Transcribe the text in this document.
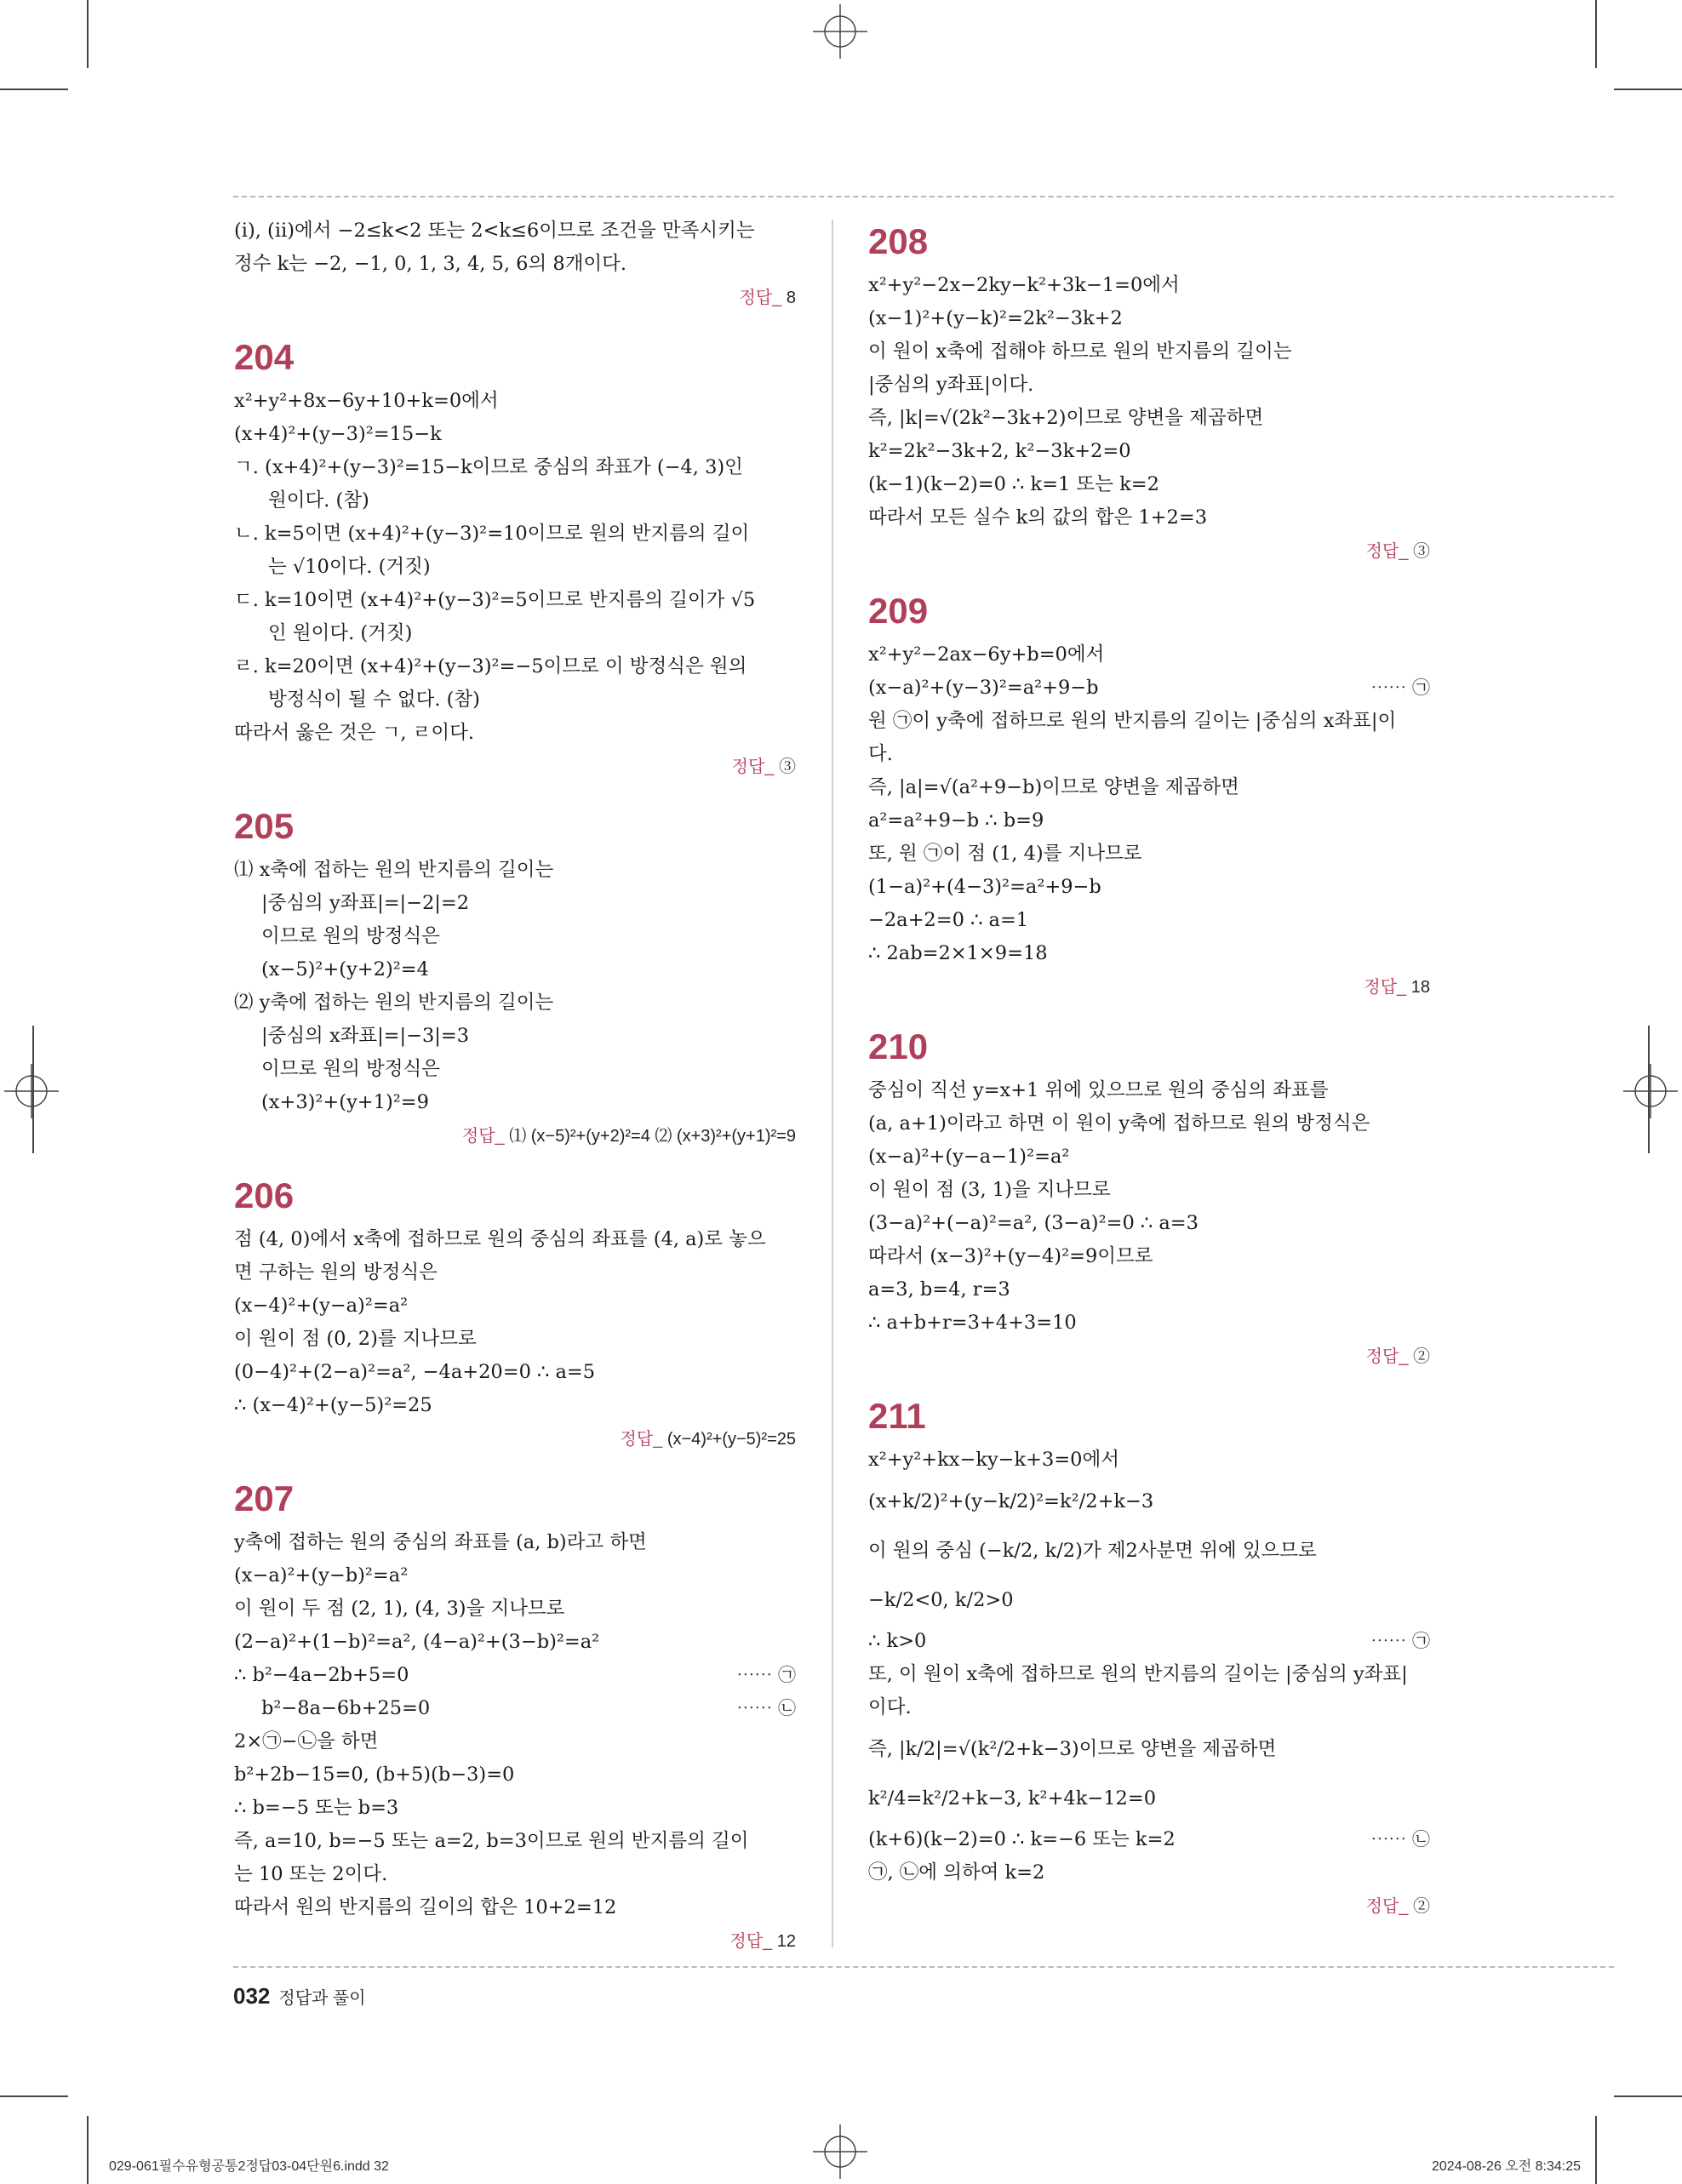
(ⅰ), (ⅱ)에서 −2≤k<2 또는 2<k≤6이므로 조건을 만족시키는
정수 k는 −2, −1, 0, 1, 3, 4, 5, 6의 8개이다.
정답_ 8
204
x²+y²+8x−6y+10+k=0에서
(x+4)²+(y−3)²=15−k
ㄱ. (x+4)²+(y−3)²=15−k이므로 중심의 좌표가 (−4, 3)인
원이다. (참)
ㄴ. k=5이면 (x+4)²+(y−3)²=10이므로 원의 반지름의 길이
는 √10이다. (거짓)
ㄷ. k=10이면 (x+4)²+(y−3)²=5이므로 반지름의 길이가 √5
인 원이다. (거짓)
ㄹ. k=20이면 (x+4)²+(y−3)²=−5이므로 이 방정식은 원의
방정식이 될 수 없다. (참)
따라서 옳은 것은 ㄱ, ㄹ이다.
정답_ ③
205
⑴ x축에 접하는 원의 반지름의 길이는
|중심의 y좌표|=|−2|=2
이므로 원의 방정식은
(x−5)²+(y+2)²=4
⑵ y축에 접하는 원의 반지름의 길이는
|중심의 x좌표|=|−3|=3
이므로 원의 방정식은
(x+3)²+(y+1)²=9
정답_ ⑴ (x−5)²+(y+2)²=4 ⑵ (x+3)²+(y+1)²=9
206
점 (4, 0)에서 x축에 접하므로 원의 중심의 좌표를 (4, a)로 놓으
면 구하는 원의 방정식은
(x−4)²+(y−a)²=a²
이 원이 점 (0, 2)를 지나므로
(0−4)²+(2−a)²=a², −4a+20=0 ∴ a=5
∴ (x−4)²+(y−5)²=25
정답_ (x−4)²+(y−5)²=25
207
y축에 접하는 원의 중심의 좌표를 (a, b)라고 하면
(x−a)²+(y−b)²=a²
이 원이 두 점 (2, 1), (4, 3)을 지나므로
(2−a)²+(1−b)²=a², (4−a)²+(3−b)²=a²
⋯⋯ ㉠
∴ b²−4a−2b+5=0
⋯⋯ ㉡
b²−8a−6b+25=0
2×㉠−㉡을 하면
b²+2b−15=0, (b+5)(b−3)=0
∴ b=−5 또는 b=3
즉, a=10, b=−5 또는 a=2, b=3이므로 원의 반지름의 길이
는 10 또는 2이다.
따라서 원의 반지름의 길이의 합은 10+2=12
정답_ 12
208
x²+y²−2x−2ky−k²+3k−1=0에서
(x−1)²+(y−k)²=2k²−3k+2
이 원이 x축에 접해야 하므로 원의 반지름의 길이는
|중심의 y좌표|이다.
즉, |k|=√(2k²−3k+2)이므로 양변을 제곱하면
k²=2k²−3k+2, k²−3k+2=0
(k−1)(k−2)=0 ∴ k=1 또는 k=2
따라서 모든 실수 k의 값의 합은 1+2=3
정답_ ③
209
x²+y²−2ax−6y+b=0에서
⋯⋯ ㉠
(x−a)²+(y−3)²=a²+9−b
원 ㉠이 y축에 접하므로 원의 반지름의 길이는 |중심의 x좌표|이
다.
즉, |a|=√(a²+9−b)이므로 양변을 제곱하면
a²=a²+9−b ∴ b=9
또, 원 ㉠이 점 (1, 4)를 지나므로
(1−a)²+(4−3)²=a²+9−b
−2a+2=0 ∴ a=1
∴ 2ab=2×1×9=18
정답_ 18
210
중심이 직선 y=x+1 위에 있으므로 원의 중심의 좌표를
(a, a+1)이라고 하면 이 원이 y축에 접하므로 원의 방정식은
(x−a)²+(y−a−1)²=a²
이 원이 점 (3, 1)을 지나므로
(3−a)²+(−a)²=a², (3−a)²=0 ∴ a=3
따라서 (x−3)²+(y−4)²=9이므로
a=3, b=4, r=3
∴ a+b+r=3+4+3=10
정답_ ②
211
x²+y²+kx−ky−k+3=0에서
(x+k/2)²+(y−k/2)²=k²/2+k−3
이 원의 중심 (−k/2, k/2)가 제2사분면 위에 있으므로
−k/2<0, k/2>0
⋯⋯ ㉠
∴ k>0
또, 이 원이 x축에 접하므로 원의 반지름의 길이는 |중심의 y좌표|
이다.
즉, |k/2|=√(k²/2+k−3)이므로 양변을 제곱하면
k²/4=k²/2+k−3, k²+4k−12=0
⋯⋯ ㉡
(k+6)(k−2)=0 ∴ k=−6 또는 k=2
㉠, ㉡에 의하여 k=2
정답_ ②
032 정답과 풀이
029-061필수유형공통2정답03-04단원6.indd 32	2024-08-26 오전 8:34:25
